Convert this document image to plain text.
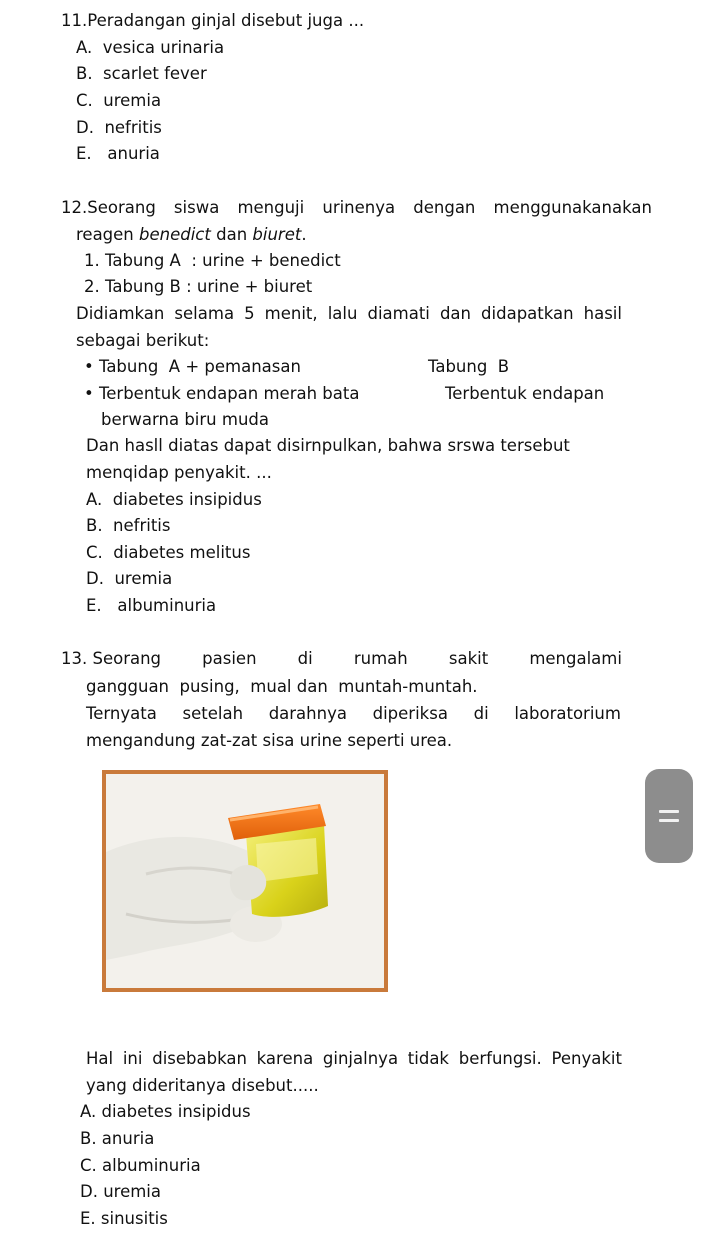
11.Peradangan ginjal disebut juga ...
A.  vesica urinaria
B.  scarlet fever
C.  uremia
D.  nefritis
E.   anuria
12.Seorang siswa menguji urinenya dengan menggunakanakan
reagen benedict dan biuret.
1. Tabung A  : urine + benedict
2. Tabung B : urine + biuret
Didiamkan selama 5 menit, lalu diamati dan didapatkan hasil
sebagai berikut:
• Tabung  A + pemanasan	Tabung  B
• Terbentuk endapan merah bata	Terbentuk endapan
berwarna biru muda
Dan hasll diatas dapat disirnpulkan, bahwa srswa tersebut
menqidap penyakit. ...
A.  diabetes insipidus
B.  nefritis
C.  diabetes melitus
D.  uremia
E.   albuminuria
13. Seorang pasien di rumah sakit mengalami
gangguan  pusing,  mual dan  muntah-muntah.
Ternyata setelah darahnya diperiksa di laboratorium
mengandung zat-zat sisa urine seperti urea.
Hal ini disebabkan karena ginjalnya tidak berfungsi. Penyakit
yang dideritanya disebut.....
A. diabetes insipidus
B. anuria
C. albuminuria
D. uremia
E. sinusitis
